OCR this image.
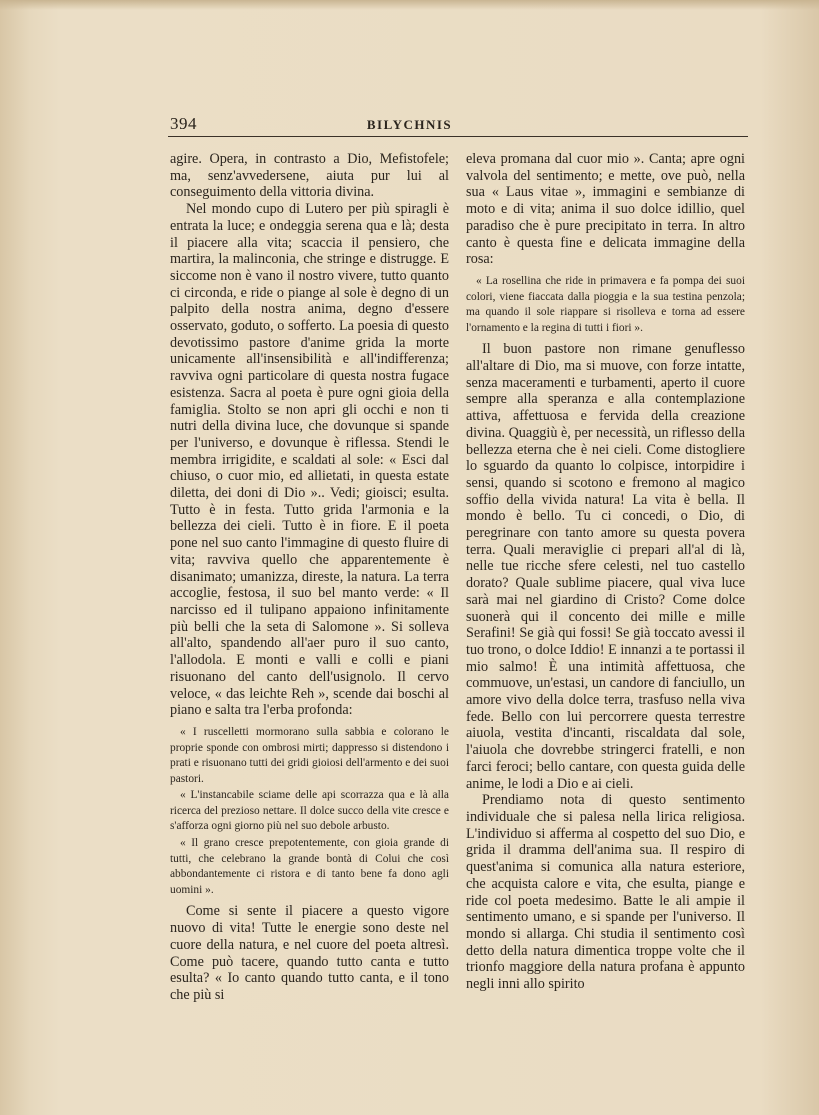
394	BILYCHNIS

agire. Opera, in contrasto a Dio, Mefistofele; ma, senz'avvedersene, aiuta pur lui al conseguimento della vittoria divina.

Nel mondo cupo di Lutero per più spiragli è entrata la luce; e ondeggia serena qua e là; desta il piacere alla vita; scaccia il pensiero, che martira, la malinconia, che stringe e distrugge. E siccome non è vano il nostro vivere, tutto quanto ci circonda, e ride o piange al sole è degno di un palpito della nostra anima, degno d'essere osservato, goduto, o sofferto. La poesia di questo devotissimo pastore d'anime grida la morte unicamente all'insensibilità e all'indifferenza; ravviva ogni particolare di questa nostra fugace esistenza. Sacra al poeta è pure ogni gioia della famiglia. Stolto se non apri gli occhi e non ti nutri della divina luce, che dovunque si spande per l'universo, e dovunque è riflessa. Stendi le membra irrigidite, e scaldati al sole: « Esci dal chiuso, o cuor mio, ed allietati, in questa estate diletta, dei doni di Dio ».. Vedi; gioisci; esulta. Tutto è in festa. Tutto grida l'armonia e la bellezza dei cieli. Tutto è in fiore. E il poeta pone nel suo canto l'immagine di questo fluire di vita; ravviva quello che apparentemente è disanimato; umanizza, direste, la natura. La terra accoglie, festosa, il suo bel manto verde: « Il narcisso ed il tulipano appaiono infinitamente più belli che la seta di Salomone ». Si solleva all'alto, spandendo all'aer puro il suo canto, l'allodola. E monti e valli e colli e piani risuonano del canto dell'usignolo. Il cervo veloce, « das leichte Reh », scende dai boschi al piano e salta tra l'erba profonda:

« I ruscelletti mormorano sulla sabbia e colorano le proprie sponde con ombrosi mirti; dappresso si distendono i prati e risuonano tutti dei gridi gioiosi dell'armento e dei suoi pastori.

« L'instancabile sciame delle api scorrazza qua e là alla ricerca del prezioso nettare. Il dolce succo della vite cresce e s'afforza ogni giorno più nel suo debole arbusto.

« Il grano cresce prepotentemente, con gioia grande di tutti, che celebrano la grande bontà di Colui che così abbondantemente ci ristora e di tanto bene fa dono agli uomini ».

Come si sente il piacere a questo vigore nuovo di vita! Tutte le energie sono deste nel cuore della natura, e nel cuore del poeta altresì. Come può tacere, quando tutto canta e tutto esulta? « Io canto quando tutto canta, e il tono che più si

eleva promana dal cuor mio ». Canta; apre ogni valvola del sentimento; e mette, ove può, nella sua « Laus vitae », immagini e sembianze di moto e di vita; anima il suo dolce idillio, quel paradiso che è pure precipitato in terra. In altro canto è questa fine e delicata immagine della rosa:

« La rosellina che ride in primavera e fa pompa dei suoi colori, viene fiaccata dalla pioggia e la sua testina penzola; ma quando il sole riappare si risolleva e torna ad essere l'ornamento e la regina di tutti i fiori ».

Il buon pastore non rimane genuflesso all'altare di Dio, ma si muove, con forze intatte, senza maceramenti e turbamenti, aperto il cuore sempre alla speranza e alla contemplazione attiva, affettuosa e fervida della creazione divina. Quaggiù è, per necessità, un riflesso della bellezza eterna che è nei cieli. Come distogliere lo sguardo da quanto lo colpisce, intorpidire i sensi, quando si scotono e fremono al magico soffio della vivida natura! La vita è bella. Il mondo è bello. Tu ci concedi, o Dio, di peregrinare con tanto amore su questa povera terra. Quali meraviglie ci prepari all'al di là, nelle tue ricche sfere celesti, nel tuo castello dorato? Quale sublime piacere, qual viva luce sarà mai nel giardino di Cristo? Come dolce suonerà qui il concento dei mille e mille Serafini! Se già qui fossi! Se già toccato avessi il tuo trono, o dolce Iddio! E innanzi a te portassi il mio salmo! È una intimità affettuosa, che commuove, un'estasi, un candore di fanciullo, un amore vivo della dolce terra, trasfuso nella viva fede. Bello con lui percorrere questa terrestre aiuola, vestita d'incanti, riscaldata dal sole, l'aiuola che dovrebbe stringerci fratelli, e non farci feroci; bello cantare, con questa guida delle anime, le lodi a Dio e ai cieli.

Prendiamo nota di questo sentimento individuale che si palesa nella lirica religiosa. L'individuo si afferma al cospetto del suo Dio, e grida il dramma dell'anima sua. Il respiro di quest'anima si comunica alla natura esteriore, che acquista calore e vita, che esulta, piange e ride col poeta medesimo. Batte le ali ampie il sentimento umano, e si spande per l'universo. Il mondo si allarga. Chi studia il sentimento così detto della natura dimentica troppe volte che il trionfo maggiore della natura profana è appunto negli inni allo spirito
